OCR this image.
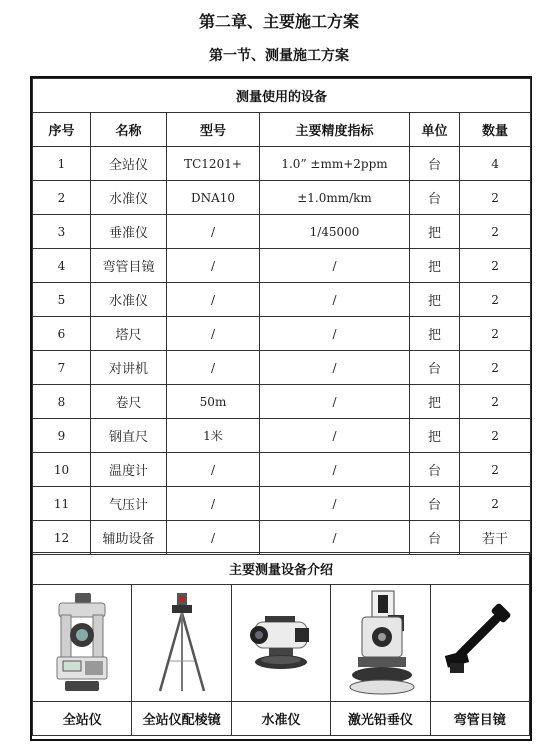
第二章、主要施工方案
第一节、测量施工方案
测量使用的设备					
序号	名称	型号	主要精度指标	单位	数量
1	全站仪	TC1201+	1.0” ±mm+2ppm	台	4
2	水准仪	DNA10	±1.0mm/km	台	2
3	垂准仪	/	1/45000	把	2
4	弯管目镜	/	/	把	2
5	水准仪	/	/	把	2
6	塔尺	/	/	把	2
7	对讲机	/	/	台	2
8	卷尺	50m	/	把	2
9	钢直尺	1米	/	把	2
10	温度计	/	/	台	2
11	气压计	/	/	台	2
12	辅助设备	/	/	台	若干
主要测量设备介绍				

全站仪	全站仪配棱镜	水准仪	激光铅垂仪	弯管目镜
